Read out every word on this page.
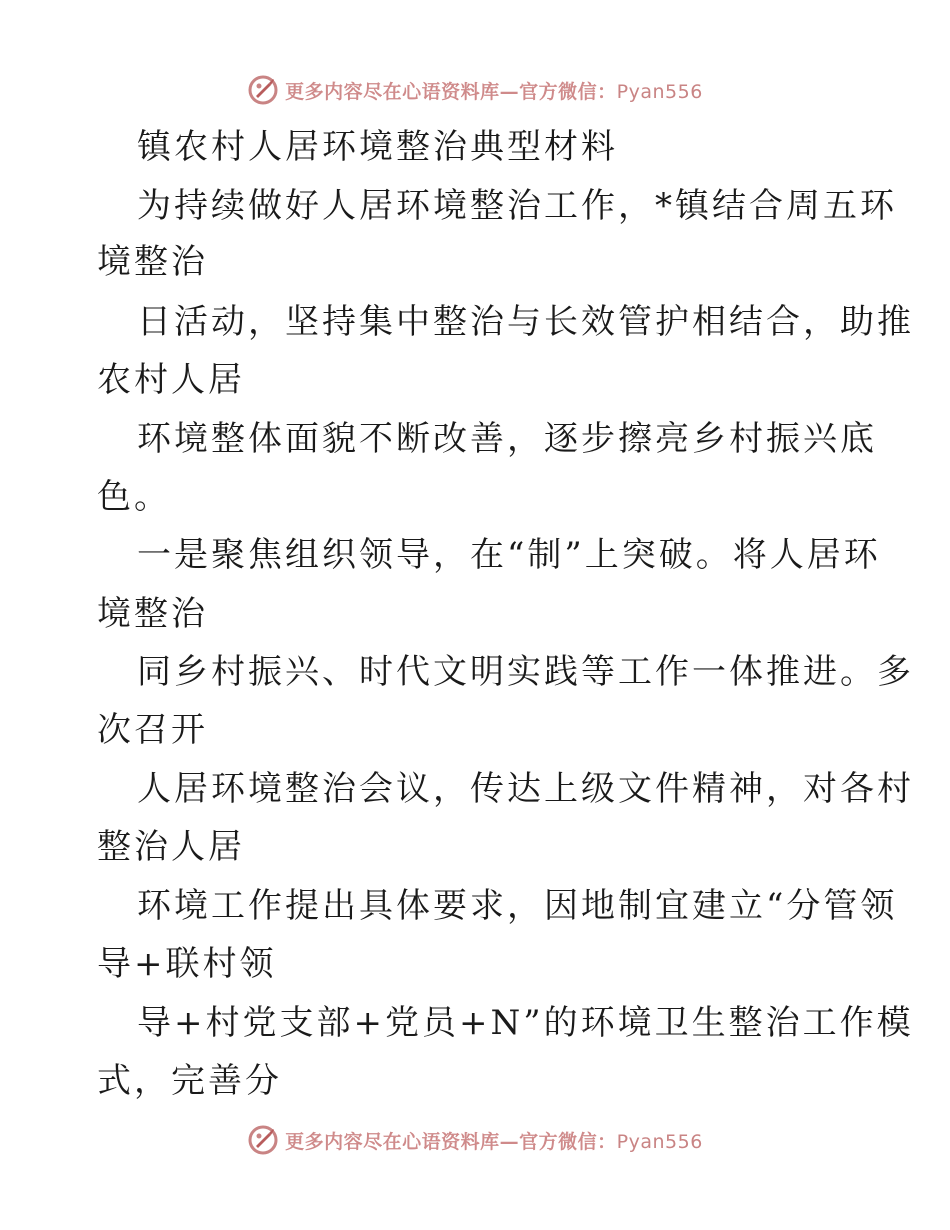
更多内容尽在心语资料库—官方微信：Pyan556
镇农村人居环境整治典型材料
为持续做好人居环境整治工作，*镇结合周五环
境整治
日活动，坚持集中整治与长效管护相结合，助推
农村人居
环境整体面貌不断改善，逐步擦亮乡村振兴底
色。
一是聚焦组织领导，在“制”上突破。将人居环
境整治
同乡村振兴、时代文明实践等工作一体推进。多
次召开
人居环境整治会议，传达上级文件精神，对各村
整治人居
环境工作提出具体要求，因地制宜建立“分管领
导+联村领
导+村党支部+党员+N”的环境卫生整治工作模
式，完善分
更多内容尽在心语资料库—官方微信：Pyan556
